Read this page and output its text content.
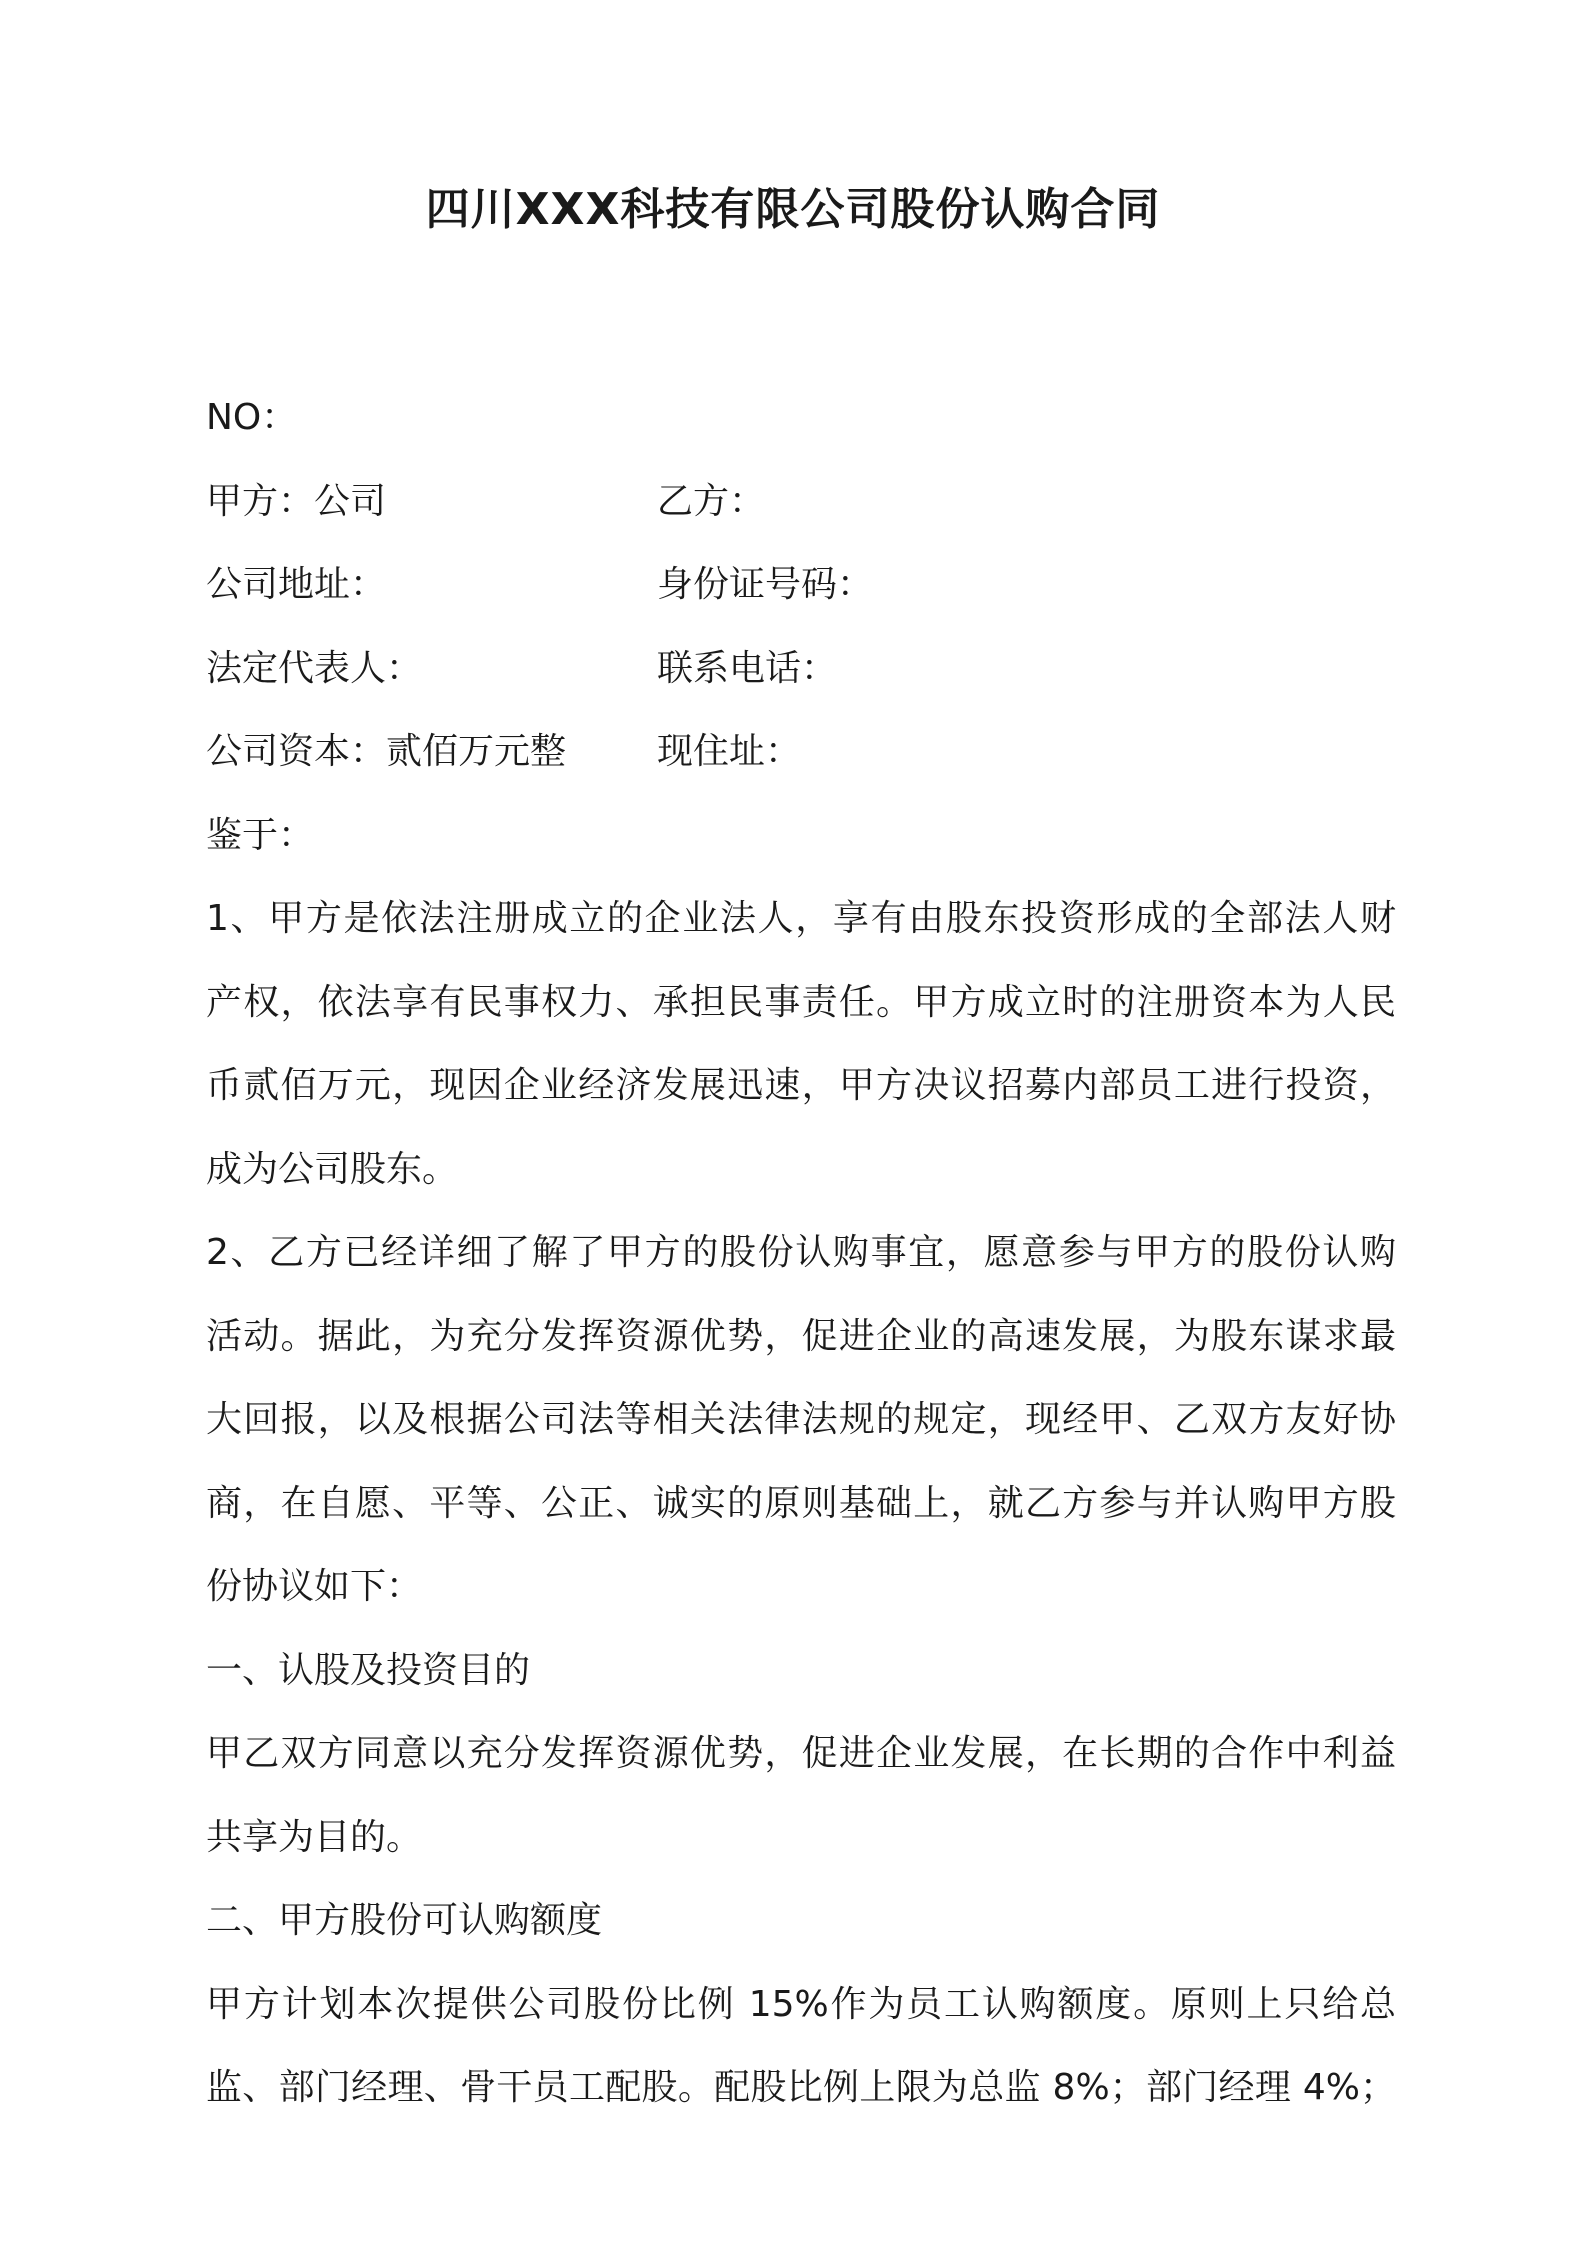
四川XXX科技有限公司股份认购合同
NO：
甲方：公司	乙方：
公司地址：	身份证号码：
法定代表人：	联系电话：
公司资本：贰佰万元整	现住址：
鉴于：
1、甲方是依法注册成立的企业法人，享有由股东投资形成的全部法人财
产权，依法享有民事权力、承担民事责任。甲方成立时的注册资本为人民
币贰佰万元，现因企业经济发展迅速，甲方决议招募内部员工进行投资，
成为公司股东。
2、乙方已经详细了解了甲方的股份认购事宜，愿意参与甲方的股份认购
活动。据此，为充分发挥资源优势，促进企业的高速发展，为股东谋求最
大回报，以及根据公司法等相关法律法规的规定，现经甲、乙双方友好协
商，在自愿、平等、公正、诚实的原则基础上，就乙方参与并认购甲方股
份协议如下：
一、认股及投资目的
甲乙双方同意以充分发挥资源优势，促进企业发展，在长期的合作中利益
共享为目的。
二、甲方股份可认购额度
甲方计划本次提供公司股份比例 15%作为员工认购额度。原则上只给总
监、部门经理、骨干员工配股。配股比例上限为总监 8%；部门经理 4%；
